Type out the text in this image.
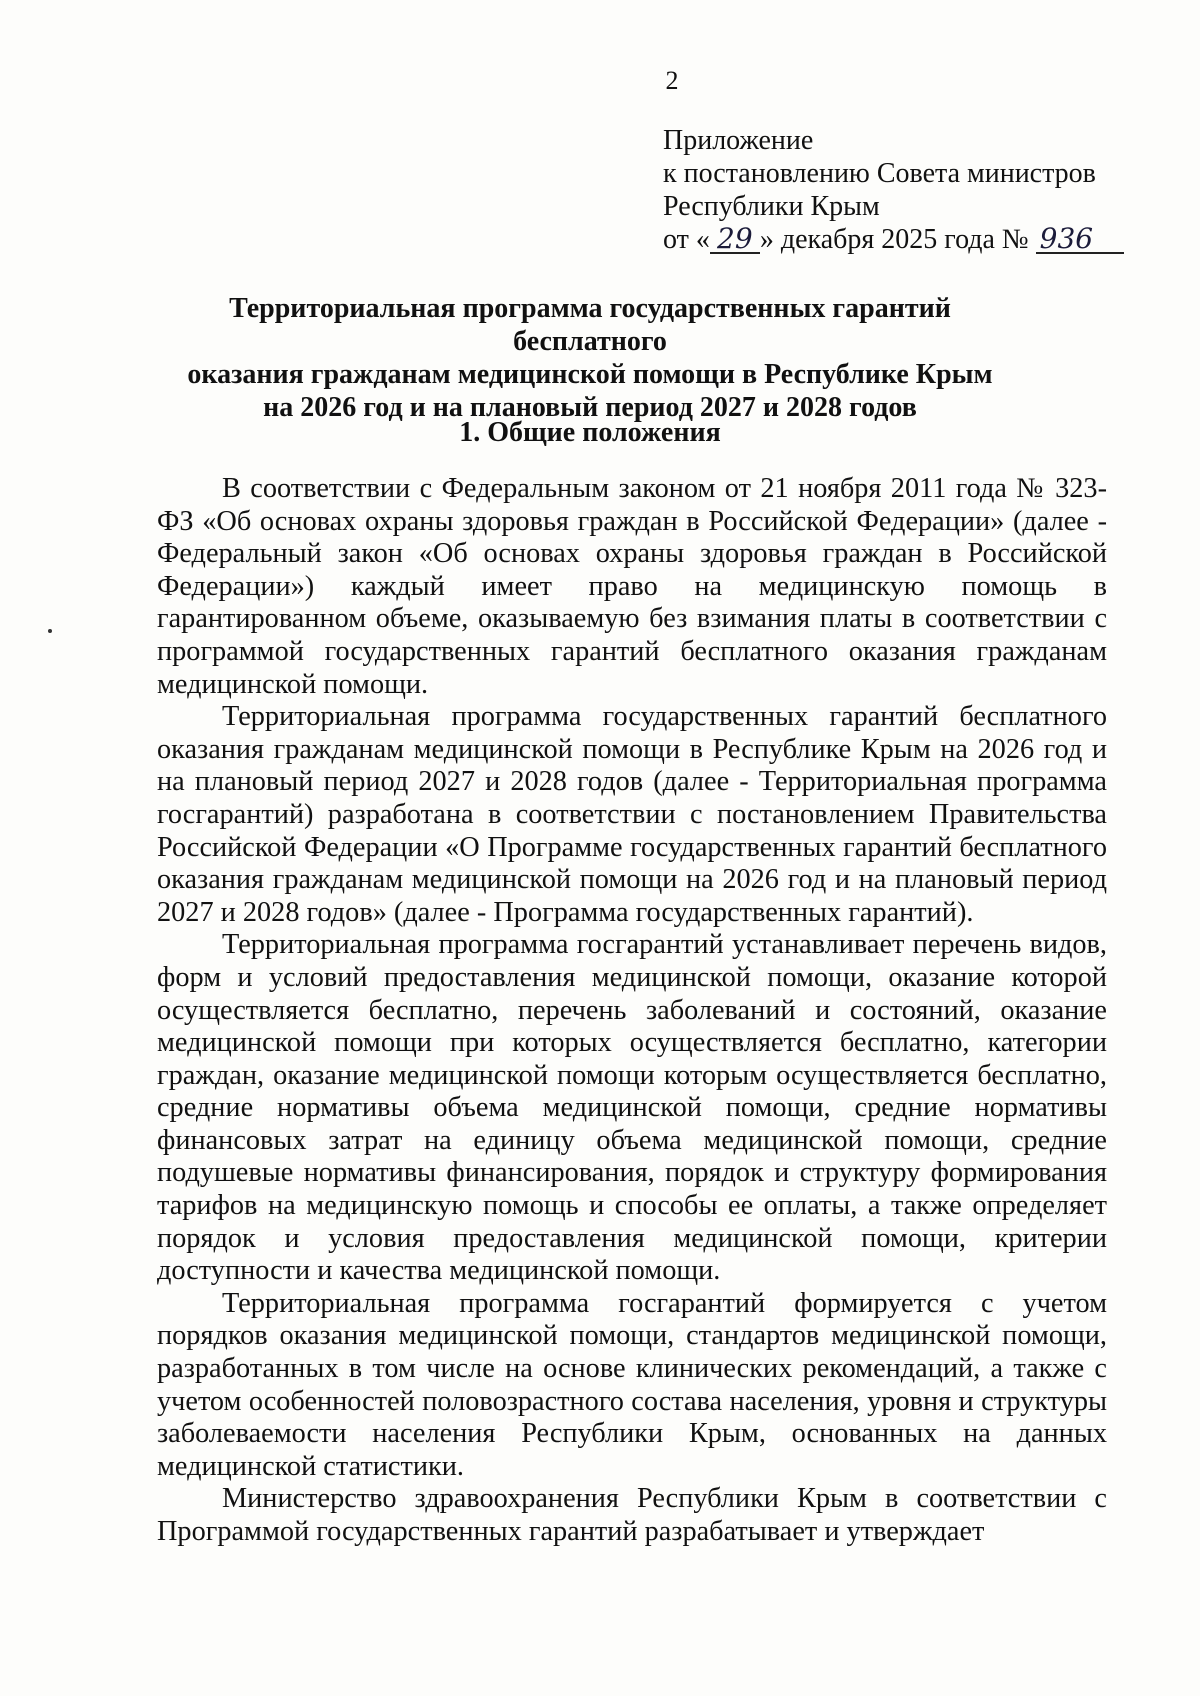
2
Приложение
к постановлению Совета министров
Республики Крым
от « 29 » декабря 2025 года № 936
Территориальная программа государственных гарантий бесплатного
оказания гражданам медицинской помощи в Республике Крым
на 2026 год и на плановый период 2027 и 2028 годов
1. Общие положения

В соответствии с Федеральным законом от 21 ноября 2011 года № 323-ФЗ «Об основах охраны здоровья граждан в Российской Федерации» (далее - Федеральный закон «Об основах охраны здоровья граждан в Российской Федерации») каждый имеет право на медицинскую помощь в гарантированном объеме, оказываемую без взимания платы в соответствии с программой государственных гарантий бесплатного оказания гражданам медицинской помощи.

Территориальная программа государственных гарантий бесплатного оказания гражданам медицинской помощи в Республике Крым на 2026 год и на плановый период 2027 и 2028 годов (далее - Территориальная программа госгарантий) разработана в соответствии с постановлением Правительства Российской Федерации «О Программе государственных гарантий бесплатного оказания гражданам медицинской помощи на 2026 год и на плановый период 2027 и 2028 годов» (далее - Программа государственных гарантий).

Территориальная программа госгарантий устанавливает перечень видов, форм и условий предоставления медицинской помощи, оказание которой осуществляется бесплатно, перечень заболеваний и состояний, оказание медицинской помощи при которых осуществляется бесплатно, категории граждан, оказание медицинской помощи которым осуществляется бесплатно, средние нормативы объема медицинской помощи, средние нормативы финансовых затрат на единицу объема медицинской помощи, средние подушевые нормативы финансирования, порядок и структуру формирования тарифов на медицинскую помощь и способы ее оплаты, а также определяет порядок и условия предоставления медицинской помощи, критерии доступности и качества медицинской помощи.

Территориальная программа госгарантий формируется с учетом порядков оказания медицинской помощи, стандартов медицинской помощи, разработанных в том числе на основе клинических рекомендаций, а также с учетом особенностей половозрастного состава населения, уровня и структуры заболеваемости населения Республики Крым, основанных на данных медицинской статистики.

Министерство здравоохранения Республики Крым в соответствии с Программой государственных гарантий разрабатывает и утверждает
